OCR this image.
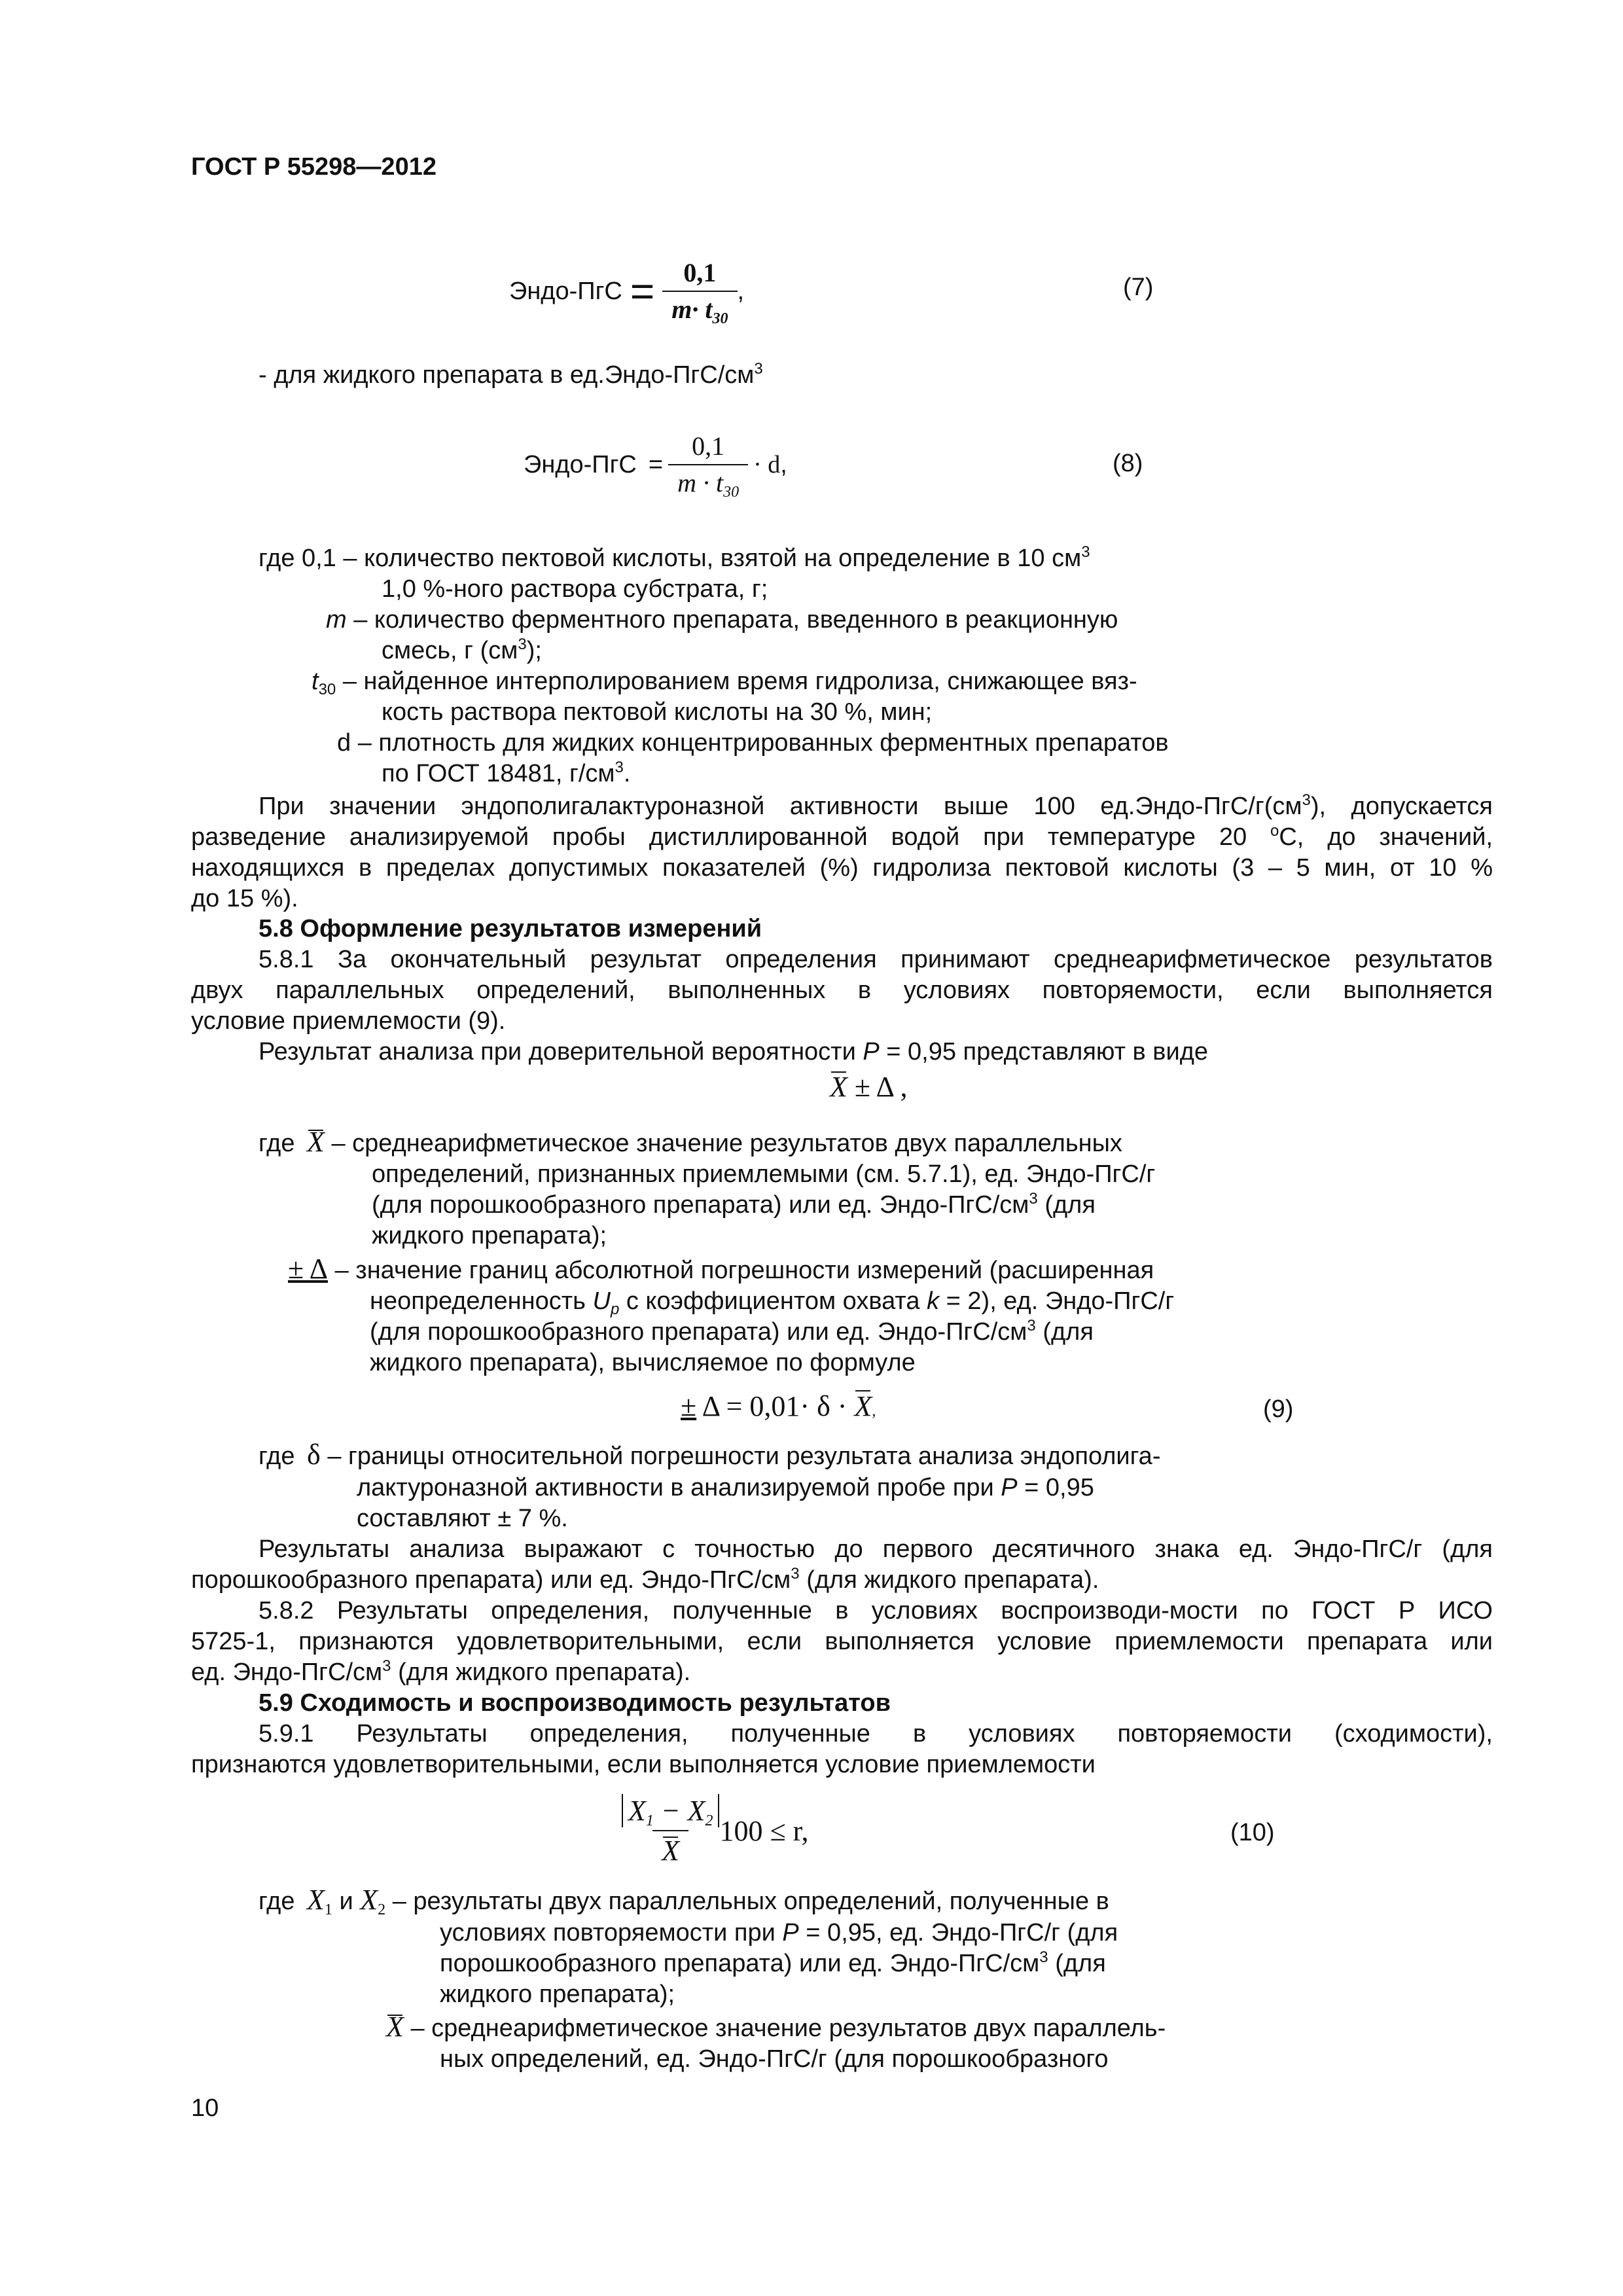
ГОСТ Р 55298—2012
Эндо-ПгС = $\frac{0,1}{m\cdot t_{30}}$ ,	(7)
- для жидкого препарата в $ед.Эндо-ПгС/см^3$
Эндо-ПгС = $\frac{0,1}{m \cdot t_{30}} \cdot d$ ,	(8)
где 0,1 – количество пектовой кислоты, взятой на определение в 10 $см^3$
1,0 %-ного раствора субстрата, г;
m – количество ферментного препарата, введенного в реакционную
смесь, г $(см^3)$;
$t_{30}$ – найденное интерполированием время гидролиза, снижающее вяз-
кость раствора пектовой кислоты на 30 %, мин;
d – плотность для жидких концентрированных ферментных препаратов
по ГОСТ 18481, $г/см^3$.
При значении эндополигалактуроназной активности выше 100 $ед.Эндо-ПгС/г(см^3)$, допускается
разведение анализируемой пробы дистиллированной водой при температуре 20 $^o$С, до значений,
находящихся в пределах допустимых показателей (%) гидролиза пектовой кислоты (3 – 5 мин, от 10 %
до 15 %).
5.8 Оформление результатов измерений
5.8.1 За окончательный результат определения принимают среднеарифметическое результатов
двух параллельных определений, выполненных в условиях повторяемости, если выполняется
условие приемлемости (9).
Результат анализа при доверительной вероятности P = 0,95 представляют в виде
X ± Δ ,
где X – среднеарифметическое значение результатов двух параллельных
определений, признанных приемлемыми (см. 5.7.1), ед. Эндо-ПгС/г
(для порошкообразного препарата) или ед. Эндо-$ПгС/см^3$ (для
жидкого препарата);
± Δ – значение границ абсолютной погрешности измерений (расширенная
неопределенность $U_p$ с коэффициентом охвата k = 2), ед. Эндо-ПгС/г
(для порошкообразного препарата) или ед. Эндо-$ПгС/см^3$ (для
жидкого препарата), вычисляемое по формуле
± Δ = 0,01· δ · X,	(9)
где δ – границы относительной погрешности результата анализа эндополига-
лактуроназной активности в анализируемой пробе при P = 0,95
составляют ± 7 %.
Результаты анализа выражают с точностью до первого десятичного знака ед. Эндо-ПгС/г (для
порошкообразного препарата) или ед. Эндо-$ПгС/см^3$ (для жидкого препарата).
5.8.2 Результаты определения, полученные в условиях воспроизводи-мости по ГОСТ Р ИСО
5725-1, признаются удовлетворительными, если выполняется условие приемлемости препарата или
ед. Эндо-$ПгС/см^3$ (для жидкого препарата).
5.9 Сходимость и воспроизводимость результатов
5.9.1 Результаты определения, полученные в условиях повторяемости (сходимости),
признаются удовлетворительными, если выполняется условие приемлемости
$\frac{X_1 - X_2}{X} 100 \le r$,	(10)
где $X_1$ и $X_2$ – результаты двух параллельных определений, полученные в
условиях повторяемости при P = 0,95, ед. Эндо-ПгС/г (для
порошкообразного препарата) или ед. Эндо-$ПгС/см^3$ (для
жидкого препарата);
X – среднеарифметическое значение результатов двух параллель-
ных определений, ед. Эндо-ПгС/г (для порошкообразного
10
